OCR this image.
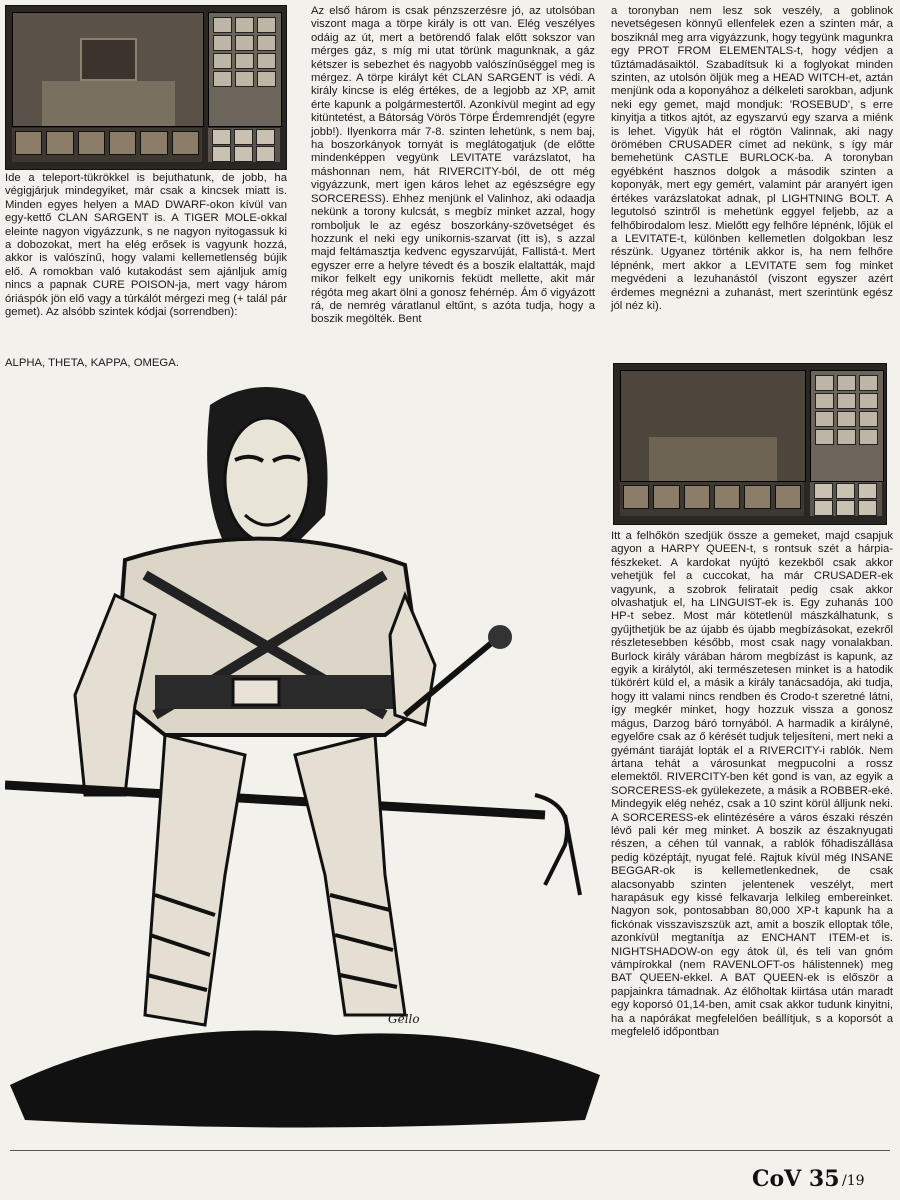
Ide a teleport-tükrökkel is bejuthatunk, de jobb, ha végigjárjuk mindegyiket, már csak a kincsek miatt is. Minden egyes helyen a MAD DWARF-okon kívül van egy-kettő CLAN SARGENT is. A TIGER MOLE-okkal eleinte nagyon vigyázzunk, s ne nagyon nyitogassuk ki a dobozokat, mert ha elég erősek is vagyunk hozzá, akkor is valószínű, hogy valami kellemetlenség bújik elő. A romokban való kutakodást sem ajánljuk amíg nincs a papnak CURE POISON-ja, mert vagy három óriáspók jön elő vagy a túrkálót mérgezi meg (+ talál pár gemet). Az alsóbb szintek kódjai (sorrendben):

ALPHA, THETA, KAPPA, OMEGA.

Az első három is csak pénzszerzésre jó, az utolsóban viszont maga a törpe király is ott van. Elég veszélyes odáig az út, mert a betörendő falak előtt sokszor van mérges gáz, s míg mi utat törünk magunknak, a gáz kétszer is sebezhet és nagyobb valószínűséggel meg is mérgez. A törpe királyt két CLAN SARGENT is védi. A király kincse is elég értékes, de a legjobb az XP, amit érte kapunk a polgármestertől. Azonkívül megint ad egy kitüntetést, a Bátorság Vörös Törpe Érdemrendjét (egyre jobb!). Ilyenkorra már 7-8. szinten lehetünk, s nem baj, ha boszorkányok tornyát is meglátogatjuk (de előtte mindenképpen vegyünk LEVITATE varázslatot, ha máshonnan nem, hát RIVERCITY-ból, de ott még vigyázzunk, mert igen káros lehet az egészségre egy SORCERESS). Ehhez menjünk el Valinhoz, aki odaadja nekünk a torony kulcsát, s megbíz minket azzal, hogy romboljuk le az egész boszorkány-szövetséget és hozzunk el neki egy unikornis-szarvat (itt is), s azzal majd feltámasztja kedvenc egyszarvúját, Fallistá-t. Mert egyszer erre a helyre tévedt és a boszik elaltatták, majd mikor felkelt egy unikornis feküdt mellette, akit már régóta meg akart ölni a gonosz fehérnép. Ám ő vigyázott rá, de nemrég váratlanul eltűnt, s azóta tudja, hogy a boszik megölték. Bent

a toronyban nem lesz sok veszély, a goblinok nevetségesen könnyű ellenfelek ezen a szinten már, a bosziknál meg arra vigyázzunk, hogy tegyünk magunkra egy PROT FROM ELEMENTALS-t, hogy védjen a tűztámadásaiktól. Szabadítsuk ki a foglyokat minden szinten, az utolsón öljük meg a HEAD WITCH-et, aztán menjünk oda a koponyához a délkeleti sarokban, adjunk neki egy gemet, majd mondjuk: 'ROSEBUD', s erre kinyitja a titkos ajtót, az egyszarvú egy szarva a miénk is lehet. Vigyük hát el rögtön Valinnak, aki nagy örömében CRUSADER címet ad nekünk, s így már bemehetünk CASTLE BURLOCK-ba. A toronyban egyébként hasznos dolgok a második szinten a koponyák, mert egy gemért, valamint pár aranyért igen értékes varázslatokat adnak, pl LIGHTNING BOLT. A legutolsó szintről is mehetünk eggyel feljebb, az a felhőbirodalom lesz. Mielőtt egy felhőre lépnénk, lőjük el a LEVITATE-t, különben kellemetlen dolgokban lesz részünk. Ugyanez történik akkor is, ha nem felhőre lépnénk, mert akkor a LEVITATE sem fog minket megvédeni a lezuhanástól (viszont egyszer azért érdemes megnézni a zuhanást, mert szerintünk egész jól néz ki).

Itt a felhőkön szedjük össze a gemeket, majd csapjuk agyon a HARPY QUEEN-t, s rontsuk szét a hárpia-fészkeket. A kardokat nyújtó kezekből csak akkor vehetjük fel a cuccokat, ha már CRUSADER-ek vagyunk, a szobrok feliratait pedig csak akkor olvashatjuk el, ha LINGUIST-ek is. Egy zuhanás 100 HP-t sebez. Most már kötetlenül mászkálhatunk, s gyűjthetjük be az újabb és újabb megbízásokat, ezekről részletesebben később, most csak nagy vonalakban. Burlock király várában három megbízást is kapunk, az egyik a királytól, aki természetesen minket is a hatodik tükörért küld el, a másik a király tanácsadója, aki tudja, hogy itt valami nincs rendben és Crodo-t szeretné látni, így megkér minket, hogy hozzuk vissza a gonosz mágus, Darzog báró tornyából. A harmadik a királyné, egyelőre csak az ő kérését tudjuk teljesíteni, mert neki a gyémánt tiaráját lopták el a RIVERCITY-i rablók. Nem ártana tehát a városunkat megpucolni a rossz elemektől. RIVERCITY-ben két gond is van, az egyik a SORCERESS-ek gyülekezete, a másik a ROBBER-eké. Mindegyik elég nehéz, csak a 10 szint körül álljunk neki. A SORCERESS-ek elintézésére a város északi részén lévő pali kér meg minket. A boszik az északnyugati részen, a céhen túl vannak, a rablók főhadiszállása pedig középtájt, nyugat felé. Rajtuk kívül még INSANE BEGGAR-ok is kellemetlenkednek, de csak alacsonyabb szinten jelentenek veszélyt, mert harapásuk egy kissé felkavarja lelkileg embereinket. Nagyon sok, pontosabban 80,000 XP-t kapunk ha a fickónak visszaviszszük azt, amit a boszik elloptak tőle, azonkívül megtanítja az ENCHANT ITEM-et is. NIGHTSHADOW-on egy átok ül, és teli van gnóm vámpírokkal (nem RAVENLOFT-os hálistennek) meg BAT QUEEN-ekkel. A BAT QUEEN-ek is először a papjainkra támadnak. Az élőholtak kiirtása után maradt egy koporsó 01,14-ben, amit csak akkor tudunk kinyitni, ha a napórákat megfelelően beállítjuk, s a koporsót a megfelelő időpontban

Gello
CoV 35 /19
